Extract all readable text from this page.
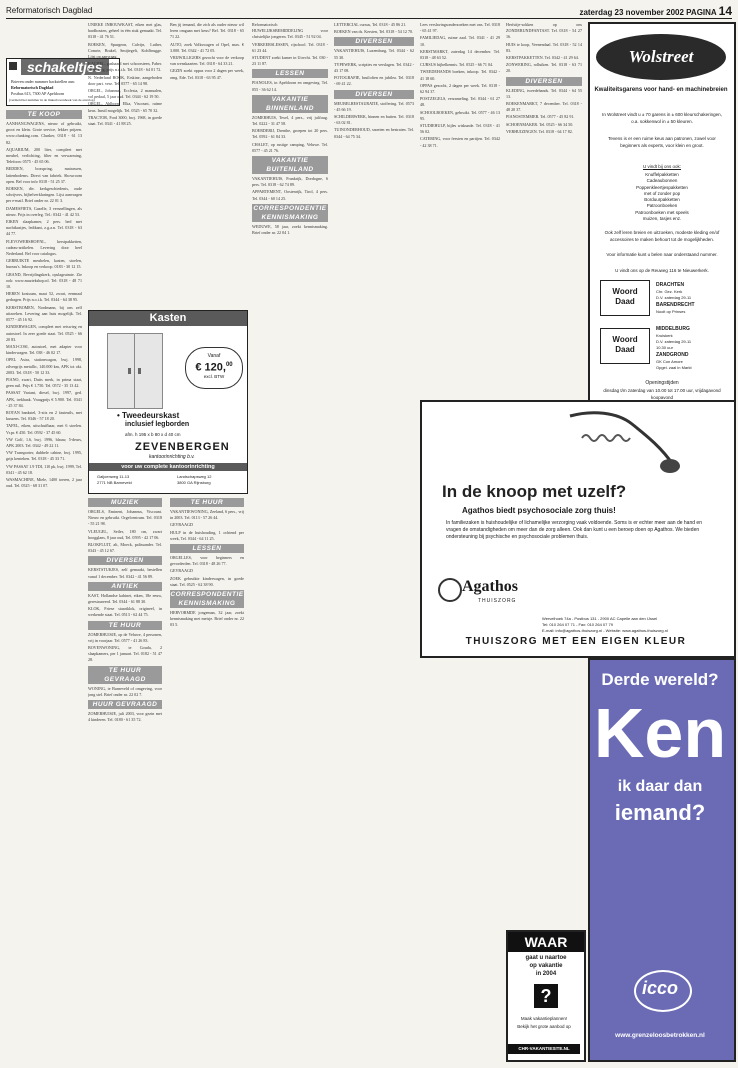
Reformatorisch Dagblad	zaterdag 23 november 2002 PAGINA 14
schakeltjes
Brieven onder nummer backstellen aan:
Reformatorisch Dagblad
Postbus 613, 7300 AP Apeldoorn
(vermeld het nummer in de linkerbovenhoek van de envelop)
TE KOOP
AANHANGWAGENS, nieuw of gebruikt, groot en klein. Grote service, lekker prijzen. www.clunking.com. Clunker, 0318 - 61 13 82.
AQUARIUM, 200 liter, compleet met meubel, verlichting, filter en verwarming, Telefoon: 0575 - 45 65 06.
BEDDEN, boxspring, matrassen, lattenbodems. Direct van fabriek. Showroom open. Bel voor info 0318 - 51 25 37.
BOEKEN, div. kerkgeschiedenis, oude schrijvers, bijbelverklaringen. Lijst aanvragen per e-mail. Brief onder nr. 22 01 3.
DAMESFIETS, Gazelle, 3 versnellingen, als nieuw. Prijs in overleg. Tel.: 0342 - 41 42 53.
EIKEN slaapkamer, 2 pers. bed met nachtkastjes, ledikant, z.g.a.n. Tel. 0318 - 63 44 77.
FLEVOWEBSHOP.NL, kerstpakketten, cadeau-artikelen. Levering door heel Nederland. Bel voor catalogus.
GEBRUIKTE meubelen, kasten, stoelen, bureau's. Inkoop en verkoop. 0183 - 30 12 15.
GRAND, Bevrijdingskerk, opslagruimte. Zie ook: www.muziekshop.nl. Tel: 0318 - 48 71 10.
HEREN kostuum, maat 52, zwart, eenmaal gedragen. Prijs n.o.t.k. Tel. 0344 - 64 38 95.
KERSTBOMEN, Nordmann, bij ons zelf uitzoeken. Levering aan huis mogelijk. Tel. 0577 - 45 16 92.
KINDERWAGEN, compleet met reiswieg en autostoel. In zeer goede staat. Tel. 0525 - 66 20 83.
MAXI-COSI, autostoel, met adapter voor kinderwagen. Tel. 038 - 46 02 17.
OPEL Astra, stationwagon, bwj. 1998, zilvergrijs metallic, 140.000 km, APK tot okt. 2003. Tel. 0318 - 50 12 33.
PIANO, zwart, Duits merk, in prima staat, geen ruil. Prijs € 1.750. Tel. 0572 - 35 13 42.
PASSAT Variant, diesel, bwj. 1997, ged. APK, trekhaak. Vraagprijs € 5.900. Tel. 0341 - 25 37 84.
ROTAN bankstel, 3-zits en 2 fauteuils, met kussens. Tel. 0346 - 57 18 20.
TAFEL, eiken, uitschuifbaar, met 6 stoelen. Vr.pr. € 450. Tel. 0592 - 37 45 60.
VW Golf, 1.6, bwj. 1996, blauw, 5-deurs, APK 2003. Tel. 0342 - 49 22 11.
VW Transporter, dubbele cabine, bwj. 1995, grijs kenteken. Tel. 0318 - 45 33 71.
VW PASSAT 1.9 TDI, 110 pk, bwj. 1999, Tel. 0341 - 45 62 18.
WASMACHINE, Miele, 1400 toeren, 2 jaar oud. Tel. 0525 - 68 31 07.
UNIEKE INBOUWKAST, eiken met glas, hardhouten, geheel in één stuk gemaakt. Tel. 0318 - 41 76 51.
BOEKEN, Spurgeon, Calvijn, Luther, Comrie, Brakel, Smijtegelt, Kohlbrugge. Lijst op aanvraag.
KACHEL, gashaard met schoorsteen, Faber. Moet weg, prijs n.o.t.k. Tel. 0318 - 64 01 72.
N. Nederland BOOK, Erskine, aangeboden door part. verz. Tel. 0577 - 65 14 98.
ORGEL, Johannus, Ecclesia, 2 manualen, vol pedaal, 5 jaar oud. Tel. 0344 - 62 19 50.
ORGEL, Ahlborn, Elka, Viscount, ruime keus. Inruil mogelijk. Tel. 0525 - 65 70 32.
TRACTOR, Ford 3000, bwj. 1968, in goede staat. Tel. 0341 - 41 88 25.
MUZIEK
ORGELS, Eminent, Johannus, Viscount. Nieuw en gebruikt. Orgelcentrum. Tel. 0318 - 55 21 98.
VLEUGEL, Seiler, 180 cm, zwart hoogglans, 8 jaar oud, Tel. 0595 - 42 17 06.
BLOKFLUIT, alt, Moeck, palissander. Tel. 0343 - 45 12 67.
DIVERSEN
KERSTSTUKJES, zelf gemaakt, bestellen vanaf 1 december. Tel. 0342 - 41 56 89.
ANTIEK
KAST, Hollandse kabinet, eiken, 18e eeuw, gerestaureerd. Tel. 0344 - 61 88 30.
KLOK, Friese staartklok, origineel, in werkende staat. Tel. 0513 - 62 44 75.
TE HUUR
ZOMERHUISJE, op de Veluwe, 4 personen, vrij in voorjaar. Tel. 0577 - 41 26 83.
BOVENWONING, te Gouda, 2 slaapkamers, per 1 januari. Tel. 0182 - 51 47 28.
TE HUUR GEVRAAGD
WONING, te Barneveld of omgeving, voor jong stel. Brief onder nr. 22 02 7.
HUUR GEVRAAGD
ZOMERHUISJE, juli 2003, voor gezin met 4 kinderen. Tel. 0180 - 61 35 72.
Ben jij iemand, die zich als ouder nieuw wil leren omgaan met keus? Bel. Tel. 0318 - 65 71 22.
AUTO, zoek Volkswagen of Opel, max. € 3.000. Tel. 0342 - 41 72 05.
VRIJWILLIGERS gezocht voor de verkoop van wenskaarten. Tel. 0318 - 64 33 21.
GEZIN zoekt oppas voor 2 dagen per week, omg. Ede. Tel. 0318 - 63 95 47.
TE HUUR
VAKANTIEWONING, Zeeland, 6 pers., vrij in 2003. Tel. 0113 - 57 26 44.
GEVRAAGD
HULP in de huishouding, 1 ochtend per week, Tel. 0344 - 64 11 25.
LESSEN
ORGELLES, voor beginners en gevorderden. Tel. 0318 - 48 26 77.
GEVRAAGD
ZOEK gebruikte kinderwagen, in goede staat. Tel. 0525 - 62 38 90.
CORRESPONDENTIE KENNISMAKING
HERVORMDE jongeman, 32 jaar, zoekt kennismaking met meisje. Brief onder nr. 22 03 5.
Reformatorisch HUWELIJKSBEMIDDELING voor christelijke jongeren. Tel. 0345 - 51 92 04.
VERKEERSLESSEN, rijschool. Tel. 0318 - 61 23 44.
STUDENT zoekt kamer in Utrecht. Tel. 030 - 23 11 87.
LESSEN
PIANOLES, in Apeldoorn en omgeving. Tel. 055 - 36 62 14.
VAKANTIE BINNENLAND
ZOMERHUIS, Texel, 4 pers., vrij juli/aug. Tel. 0222 - 31 47 58.
BOERDERIJ, Drenthe, groepen tot 20 pers. Tel. 0592 - 61 84 33.
CHALET, op rustige camping, Veluwe. Tel. 0577 - 45 21 76.
VAKANTIE BUITENLAND
VAKANTIEHUIS, Frankrijk, Dordogne, 6 pers. Tel. 0318 - 62 74 89.
APPARTEMENT, Oostenrijk, Tirol, 4 pers. Tel. 0344 - 60 14 25.
CORRESPONDENTIE KENNISMAKING
WEDUWE, 58 jaar, zoekt kennismaking. Brief onder nr. 22 04 1.
LETTERCIAL cursus, Tel. 0318 - 45 86 21.
BOEKEN van ds. Kersten, Tel. 0318 - 54 12 70.
DIVERSEN
VAKANTIEHUIS, Luxemburg, Tel. 0344 - 62 55 30.
TYPEWERK, scripties en verslagen. Tel. 0342 - 43 17 08.
FOTOGRAFIE, bruiloften en jubilea. Tel. 0318 - 69 41 22.
DIVERSEN
MEUBELRESTAURATIE, stoffering. Tel. 0573 - 45 66 19.
SCHILDERWERK, binnen en buiten. Tel. 0318 - 63 02 81.
TUINONDERHOUD, snoeien en bestraten. Tel. 0344 - 64 75 34.
Lees verslavingsonderzoeken met ons. Tel. 0318 - 65 41 97.
FAMILIEDAG, ruime zaal. Tel. 0341 - 41 29 10.
KERSTMARKT, zaterdag 14 december. Tel. 0318 - 48 63 52.
CURSUS bijbelkennis. Tel. 0525 - 66 71 04.
TWEEDEHANDS boeken, inkoop. Tel. 0342 - 41 18 60.
OPPAS gezocht, 2 dagen per week. Tel. 0318 - 62 94 37.
POSTZEGELS, verzameling. Tel. 0344 - 61 27 48.
SCHOOLBOEKEN, gebruikt. Tel. 0577 - 46 13 95.
STUDIEHULP, bijles wiskunde. Tel. 0318 - 41 56 02.
CATERING, voor feesten en partijen. Tel. 0342 - 42 38 71.
Herfstije-sokken op ons ZONDERUNDFANTAST. Tel. 0318 - 54 27 16.
HUIS te koop, Veenendaal. Tel. 0318 - 52 14 83.
KERSTPAKKETTEN. Tel. 0342 - 41 29 64.
ZONWERING, rolluiken. Tel. 0318 - 63 71 20.
DIVERSEN
KLEDING, tweedehands. Tel. 0344 - 64 55 13.
BOEKENMARKT, 7 december. Tel. 0318 - 48 20 37.
PIANOSTEMMER. Tel. 0577 - 45 82 91.
SCHOENMAKER. Tel. 0525 - 66 34 50.
VERHUIZINGEN. Tel. 0318 - 64 17 82.
Kasten
Vanaf
€ 120,00
excl. BTW
• Tweedeurskast
inclusief legborden
afm. h 195 x b 80 x d 40 cm
ZEVENBERGEN
kantoorinrichting b.v.
voor uw complete kantoorinrichting
Galjoenweg 11-13
2771 NB Barneveld
Landschapsweg 12
3800 GA Rijnsburg
Wolstreet
Kwaliteitsgarens voor hand- en machinebreien
In Wolstreet vindt u ± 70 garens in ± 600 kleurschakeringen, o.a. sokkenwol in ± 50 kleuren.
Tevens is er een ruime keus aan patronen, zowel voor beginners als experts, voor klein en groot.
U vindt bij ons ook:
Knuffelpakketten
Cadeaubonnen
Poppenkleertjespakketten
met of zonder pop
Borduurpakketten
Patroonboeken
Patroonboeken met speels
muizen, tasjes enz.
Ook zelf leren breien en uitzoeken, modeste kleding en/of accessoires te maken behoort tot de mogelijkheden.
Voor informatie kunt u belen naar onderstaand nummer.
U vindt ons op de Reuweg 116 te Nieuwerkerk.
Woord Daad
DRACHTEN
Chr. Gez. Kerk
D.V. zaterdag 29-11
BARENDRECHT
Nooit op Prinses
Woord Daad
MIDDELBURG
Kruiskerk
D.V. zaterdag 29-11
10.30 uur
ZANDGROND
GK Con Amore
Opgei. zaal in Markt
Openingstijden
dinsdag t/m zaterdag van 10.00 tot 17.00 uur, vrijdagavond koopavond
In de knoop met uzelf?
Agathos biedt psychosociale zorg thuis!
In familiezaken is huishoudelijke of lichamelijke verzorging vaak voldoende. Soms is er echter meer aan de hand en vragen de omstandigheden om meer dan de zorg alleen. Ook dan kunt u een beroep doen op Agathos. We bieden ondersteuning bij psychische en psychosociale problemen thuis.
Agathos
THUISZORG
Wervelhoek 74a - Postbus 131 - 2900 AC Capelle aan den IJssel
Tel: 010 264 07 71 - Fax: 010 264 07 79
E-mail: info@agathos-thuiszorg.nl - Website: www.agathos-thuiszorg.nl
THUISZORG MET EEN EIGEN KLEUR
WAAR
gaat u naartoe
op vakantie
in 2004
?
Maak vakantieplannen!
Bekijk het grote aanbod op
CHR-VAKANTIESITE.NL
Derde wereld?
Ken
ik daar dan
iemand?
icco
www.grenzeloosbetrokken.nl
